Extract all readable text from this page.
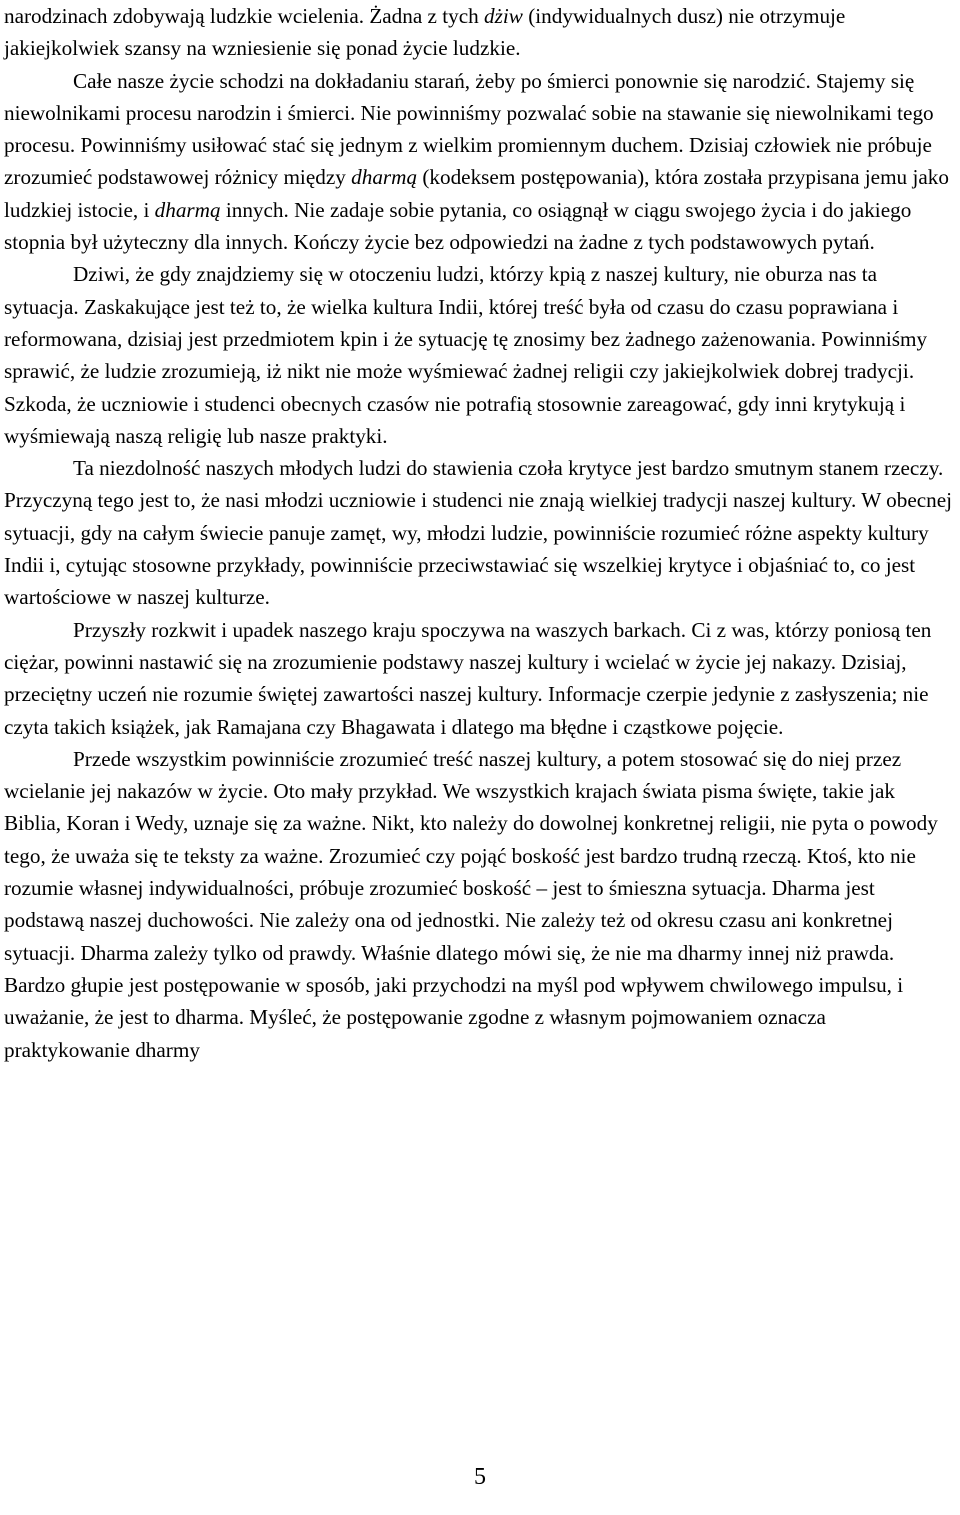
narodzinach zdobywają ludzkie wcielenia. Żadna z tych dżiw (indywidualnych dusz) nie otrzymuje jakiejkolwiek szansy na wzniesienie się ponad życie ludzkie.

Całe nasze życie schodzi na dokładaniu starań, żeby po śmierci ponownie się narodzić. Stajemy się niewolnikami procesu narodzin i śmierci. Nie powinniśmy pozwalać sobie na stawanie się niewolnikami tego procesu. Powinniśmy usiłować stać się jednym z wielkim promiennym duchem. Dzisiaj człowiek nie próbuje zrozumieć podstawowej różnicy między dharmą (kodeksem postępowania), która została przypisana jemu jako ludzkiej istocie, i dharmą innych. Nie zadaje sobie pytania, co osiągnął w ciągu swojego życia i do jakiego stopnia był użyteczny dla innych. Kończy życie bez odpowiedzi na żadne z tych podstawowych pytań.

Dziwi, że gdy znajdziemy się w otoczeniu ludzi, którzy kpią z naszej kultury, nie oburza nas ta sytuacja. Zaskakujące jest też to, że wielka kultura Indii, której treść była od czasu do czasu poprawiana i reformowana, dzisiaj jest przedmiotem kpin i że sytuację tę znosimy bez żadnego zażenowania. Powinniśmy sprawić, że ludzie zrozumieją, iż nikt nie może wyśmiewać żadnej religii czy jakiejkolwiek dobrej tradycji. Szkoda, że uczniowie i studenci obecnych czasów nie potrafią stosownie zareagować, gdy inni krytykują i wyśmiewają naszą religię lub nasze praktyki.

Ta niezdolność naszych młodych ludzi do stawienia czoła krytyce jest bardzo smutnym stanem rzeczy. Przyczyną tego jest to, że nasi młodzi uczniowie i studenci nie znają wielkiej tradycji naszej kultury. W obecnej sytuacji, gdy na całym świecie panuje zamęt, wy, młodzi ludzie, powinniście rozumieć różne aspekty kultury Indii i, cytując stosowne przykłady, powinniście przeciwstawiać się wszelkiej krytyce i objaśniać to, co jest wartościowe w naszej kulturze.

Przyszły rozkwit i upadek naszego kraju spoczywa na waszych barkach. Ci z was, którzy poniosą ten ciężar, powinni nastawić się na zrozumienie podstawy naszej kultury i wcielać w życie jej nakazy. Dzisiaj, przeciętny uczeń nie rozumie świętej zawartości naszej kultury. Informacje czerpie jedynie z zasłyszenia; nie czyta takich książek, jak Ramajana czy Bhagawata i dlatego ma błędne i cząstkowe pojęcie.

Przede wszystkim powinniście zrozumieć treść naszej kultury, a potem stosować się do niej przez wcielanie jej nakazów w życie. Oto mały przykład. We wszystkich krajach świata pisma święte, takie jak Biblia, Koran i Wedy, uznaje się za ważne. Nikt, kto należy do dowolnej konkretnej religii, nie pyta o powody tego, że uważa się te teksty za ważne. Zrozumieć czy pojąć boskość jest bardzo trudną rzeczą. Ktoś, kto nie rozumie własnej indywidualności, próbuje zrozumieć boskość – jest to śmieszna sytuacja. Dharma jest podstawą naszej duchowości. Nie zależy ona od jednostki. Nie zależy też od okresu czasu ani konkretnej sytuacji. Dharma zależy tylko od prawdy. Właśnie dlatego mówi się, że nie ma dharmy innej niż prawda. Bardzo głupie jest postępowanie w sposób, jaki przychodzi na myśl pod wpływem chwilowego impulsu, i uważanie, że jest to dharma. Myśleć, że postępowanie zgodne z własnym pojmowaniem oznacza praktykowanie dharmy

5
